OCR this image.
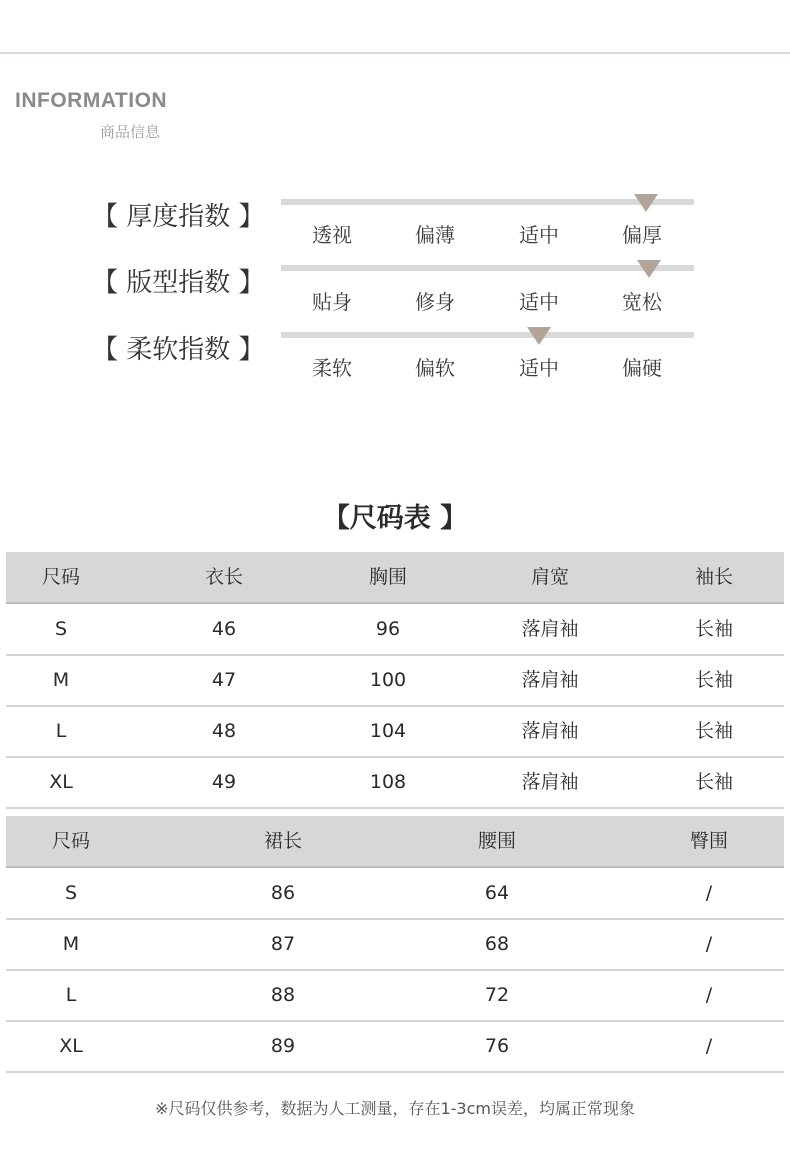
INFORMATION
商品信息
【 厚度指数 】
透视	偏薄	适中	偏厚
【 版型指数 】
贴身	修身	适中	宽松
【 柔软指数 】
柔软	偏软	适中	偏硬
【尺码表 】
尺码	衣长	胸围	肩宽	袖长
S	46	96	落肩袖	长袖
M	47	100	落肩袖	长袖
L	48	104	落肩袖	长袖
XL	49	108	落肩袖	长袖
尺码	裙长	腰围	臀围
S	86	64	/
M	87	68	/
L	88	72	/
XL	89	76	/
※尺码仅供参考，数据为人工测量，存在1-3cm误差，均属正常现象
